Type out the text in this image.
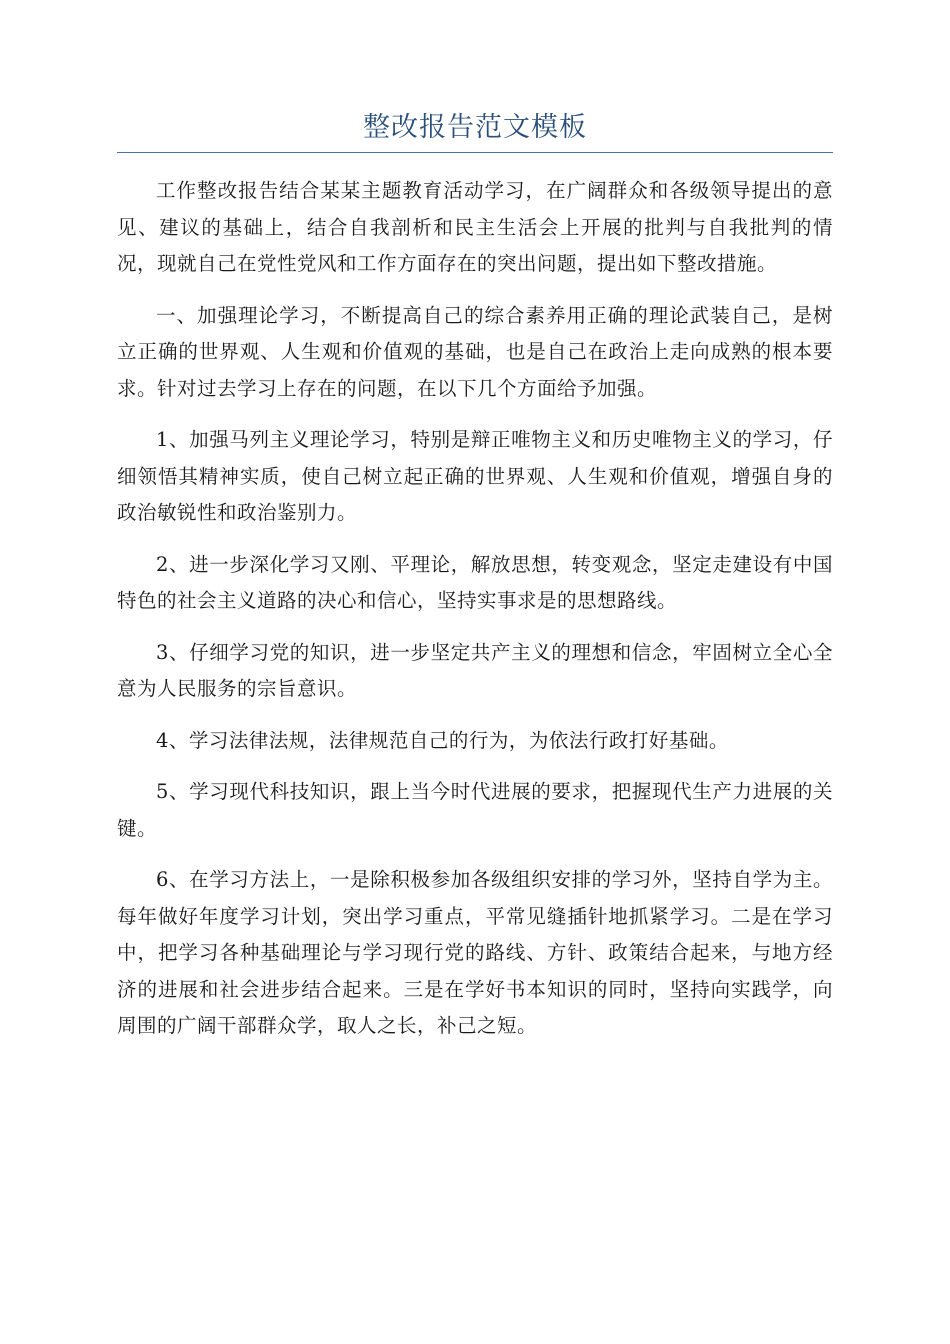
整改报告范文模板

工作整改报告结合某某主题教育活动学习，在广阔群众和各级领导提出的意见、建议的基础上，结合自我剖析和民主生活会上开展的批判与自我批判的情况，现就自己在党性党风和工作方面存在的突出问题，提出如下整改措施。

一、加强理论学习，不断提高自己的综合素养用正确的理论武装自己，是树立正确的世界观、人生观和价值观的基础，也是自己在政治上走向成熟的根本要求。针对过去学习上存在的问题，在以下几个方面给予加强。

1、加强马列主义理论学习，特别是辩正唯物主义和历史唯物主义的学习，仔细领悟其精神实质，使自己树立起正确的世界观、人生观和价值观，增强自身的政治敏锐性和政治鉴别力。

2、进一步深化学习又刚、平理论，解放思想，转变观念，坚定走建设有中国特色的社会主义道路的决心和信心，坚持实事求是的思想路线。

3、仔细学习党的知识，进一步坚定共产主义的理想和信念，牢固树立全心全意为人民服务的宗旨意识。

4、学习法律法规，法律规范自己的行为，为依法行政打好基础。

5、学习现代科技知识，跟上当今时代进展的要求，把握现代生产力进展的关键。

6、在学习方法上，一是除积极参加各级组织安排的学习外，坚持自学为主。每年做好年度学习计划，突出学习重点，平常见缝插针地抓紧学习。二是在学习中，把学习各种基础理论与学习现行党的路线、方针、政策结合起来，与地方经济的进展和社会进步结合起来。三是在学好书本知识的同时，坚持向实践学，向周围的广阔干部群众学，取人之长，补己之短。
